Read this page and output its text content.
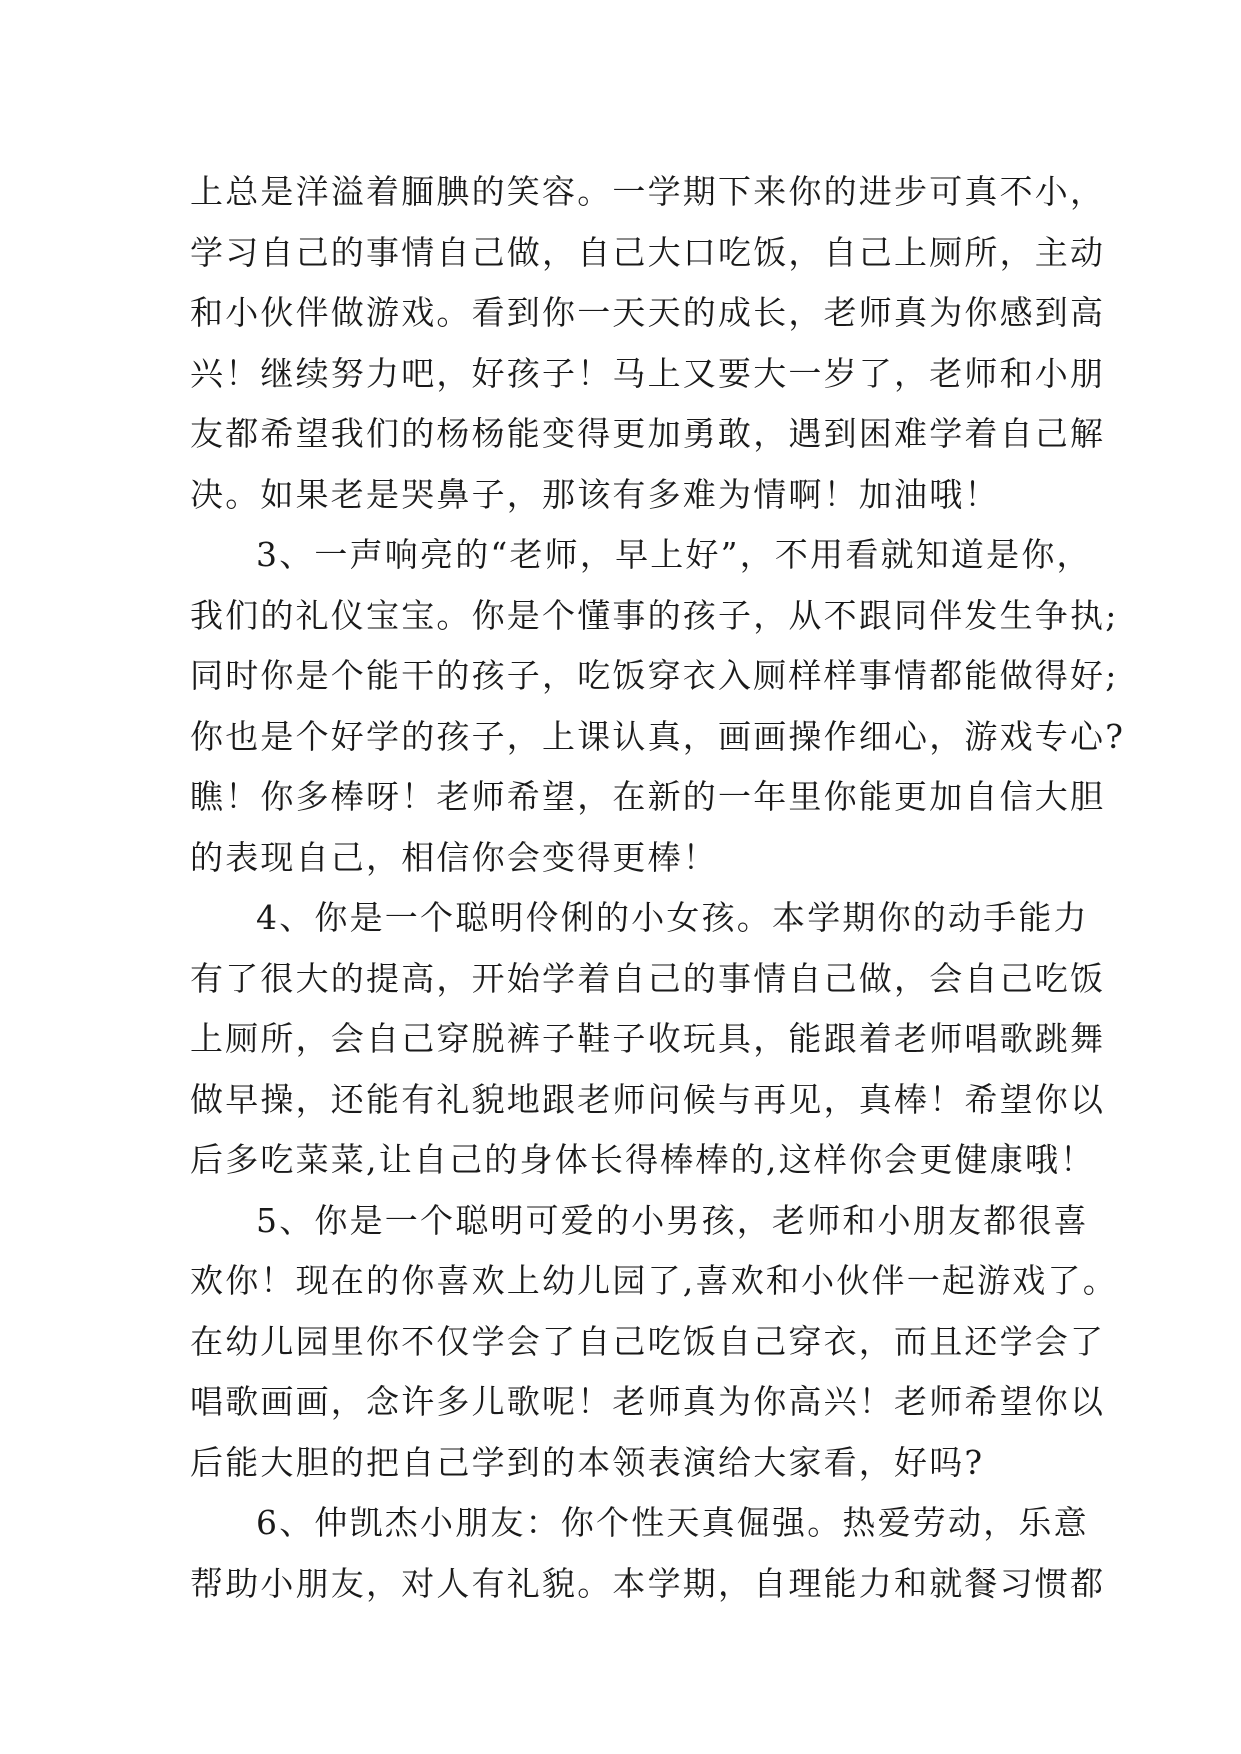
上总是洋溢着腼腆的笑容。一学期下来你的进步可真不小，
学习自己的事情自己做，自己大口吃饭，自己上厕所，主动
和小伙伴做游戏。看到你一天天的成长，老师真为你感到高
兴！继续努力吧，好孩子！马上又要大一岁了，老师和小朋
友都希望我们的杨杨能变得更加勇敢，遇到困难学着自己解
决。如果老是哭鼻子，那该有多难为情啊！加油哦！
3、一声响亮的“老师，早上好”，不用看就知道是你，
我们的礼仪宝宝。你是个懂事的孩子，从不跟同伴发生争执;
同时你是个能干的孩子，吃饭穿衣入厕样样事情都能做得好;
你也是个好学的孩子，上课认真，画画操作细心，游戏专心?
瞧！你多棒呀！老师希望，在新的一年里你能更加自信大胆
的表现自己，相信你会变得更棒！
4、你是一个聪明伶俐的小女孩。本学期你的动手能力
有了很大的提高，开始学着自己的事情自己做，会自己吃饭
上厕所，会自己穿脱裤子鞋子收玩具，能跟着老师唱歌跳舞
做早操，还能有礼貌地跟老师问候与再见，真棒！希望你以
后多吃菜菜,让自己的身体长得棒棒的,这样你会更健康哦！
5、你是一个聪明可爱的小男孩，老师和小朋友都很喜
欢你！现在的你喜欢上幼儿园了,喜欢和小伙伴一起游戏了。
在幼儿园里你不仅学会了自己吃饭自己穿衣，而且还学会了
唱歌画画，念许多儿歌呢！老师真为你高兴！老师希望你以
后能大胆的把自己学到的本领表演给大家看，好吗?
6、仲凯杰小朋友：你个性天真倔强。热爱劳动，乐意
帮助小朋友，对人有礼貌。本学期，自理能力和就餐习惯都
